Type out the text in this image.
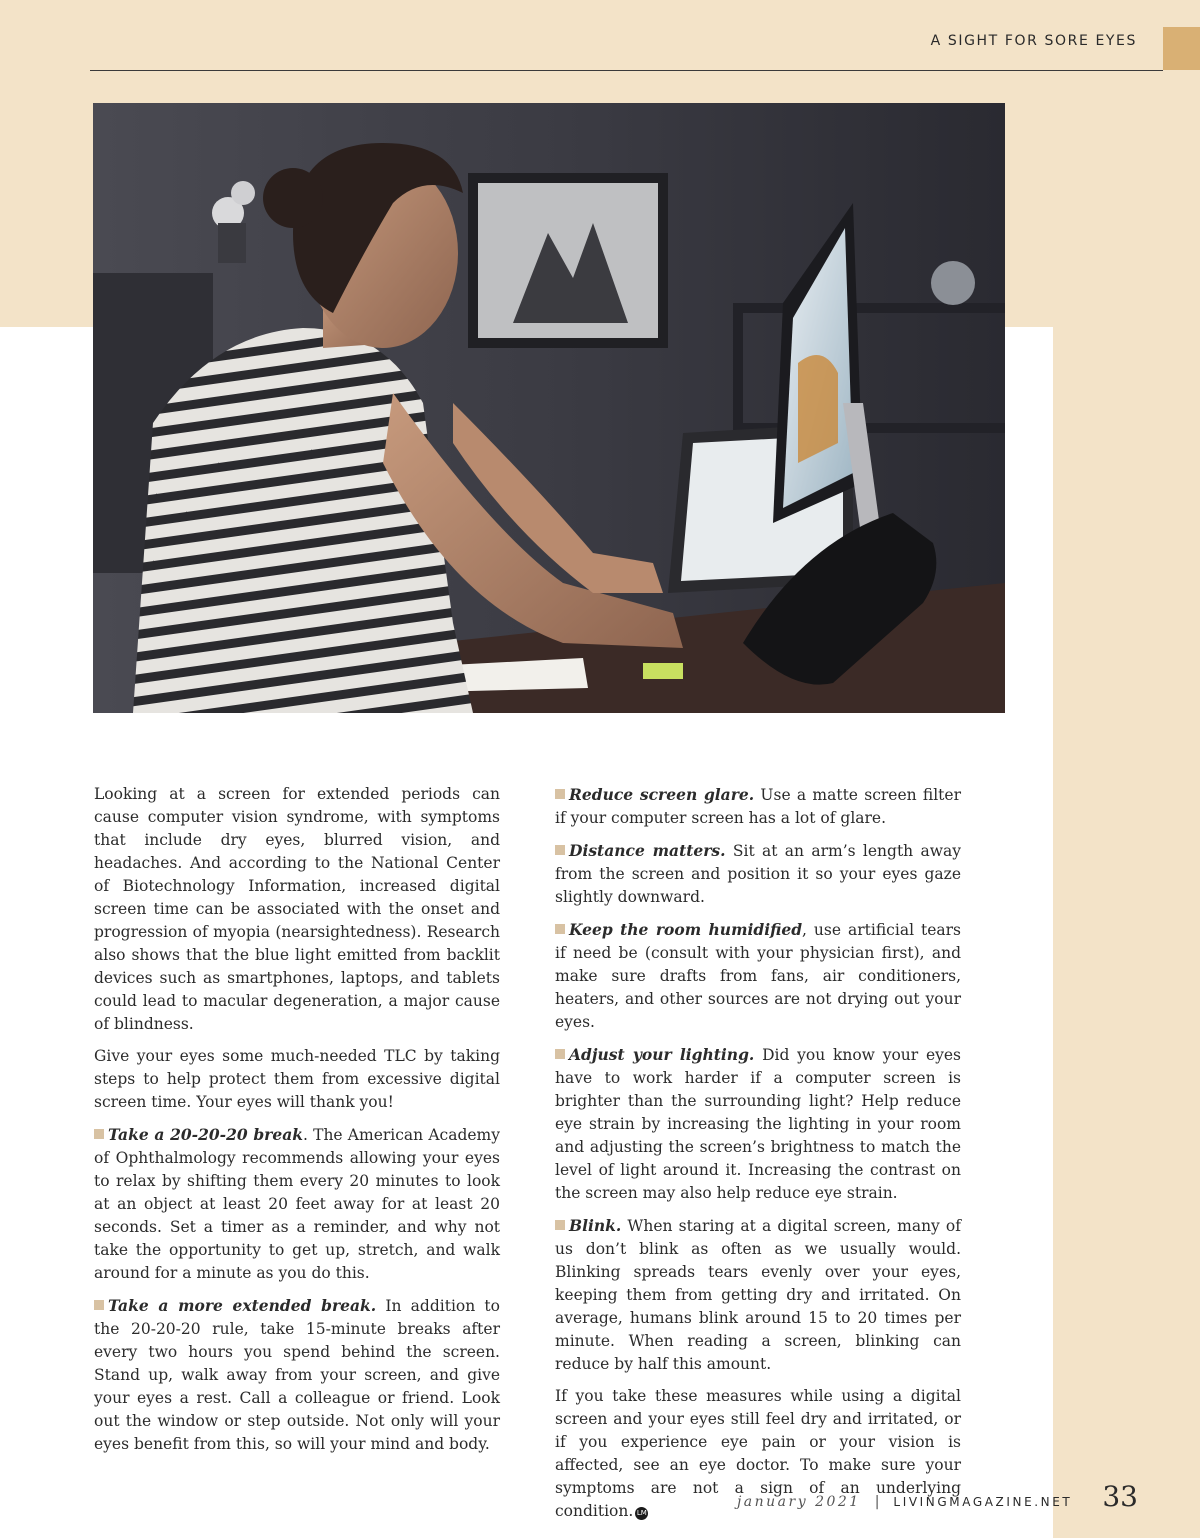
A SIGHT FOR SORE EYES

Looking at a screen for extended periods can cause computer vision syndrome, with symptoms that include dry eyes, blurred vision, and headaches. And according to the National Center of Biotechnology Information, increased digital screen time can be associated with the onset and progression of myopia (nearsightedness). Research also shows that the blue light emitted from backlit devices such as smartphones, laptops, and tablets could lead to macular degeneration, a major cause of blindness.

Give your eyes some much-needed TLC by taking steps to help protect them from excessive digital screen time. Your eyes will thank you!

Take a 20-20-20 break. The American Academy of Ophthalmology recommends allowing your eyes to relax by shifting them every 20 minutes to look at an object at least 20 feet away for at least 20 seconds. Set a timer as a reminder, and why not take the opportunity to get up, stretch, and walk around for a minute as you do this.

Take a more extended break. In addition to the 20-20-20 rule, take 15-minute breaks after every two hours you spend behind the screen. Stand up, walk away from your screen, and give your eyes a rest. Call a colleague or friend. Look out the window or step outside. Not only will your eyes benefit from this, so will your mind and body.

Reduce screen glare. Use a matte screen filter if your computer screen has a lot of glare.

Distance matters. Sit at an arm’s length away from the screen and position it so your eyes gaze slightly downward.

Keep the room humidified, use artificial tears if need be (consult with your physician first), and make sure drafts from fans, air conditioners, heaters, and other sources are not drying out your eyes.

Adjust your lighting. Did you know your eyes have to work harder if a computer screen is brighter than the surrounding light? Help reduce eye strain by increasing the lighting in your room and adjusting the screen’s brightness to match the level of light around it. Increasing the contrast on the screen may also help reduce eye strain.

Blink. When staring at a digital screen, many of us don’t blink as often as we usually would. Blinking spreads tears evenly over your eyes, keeping them from getting dry and irritated. On average, humans blink around 15 to 20 times per minute. When reading a screen, blinking can reduce by half this amount.

If you take these measures while using a digital screen and your eyes still feel dry and irritated, or if you experience eye pain or your vision is affected, see an eye doctor. To make sure your symptoms are not a sign of an underlying condition. LM

january 2021 | LIVINGMAGAZINE.NET 33
